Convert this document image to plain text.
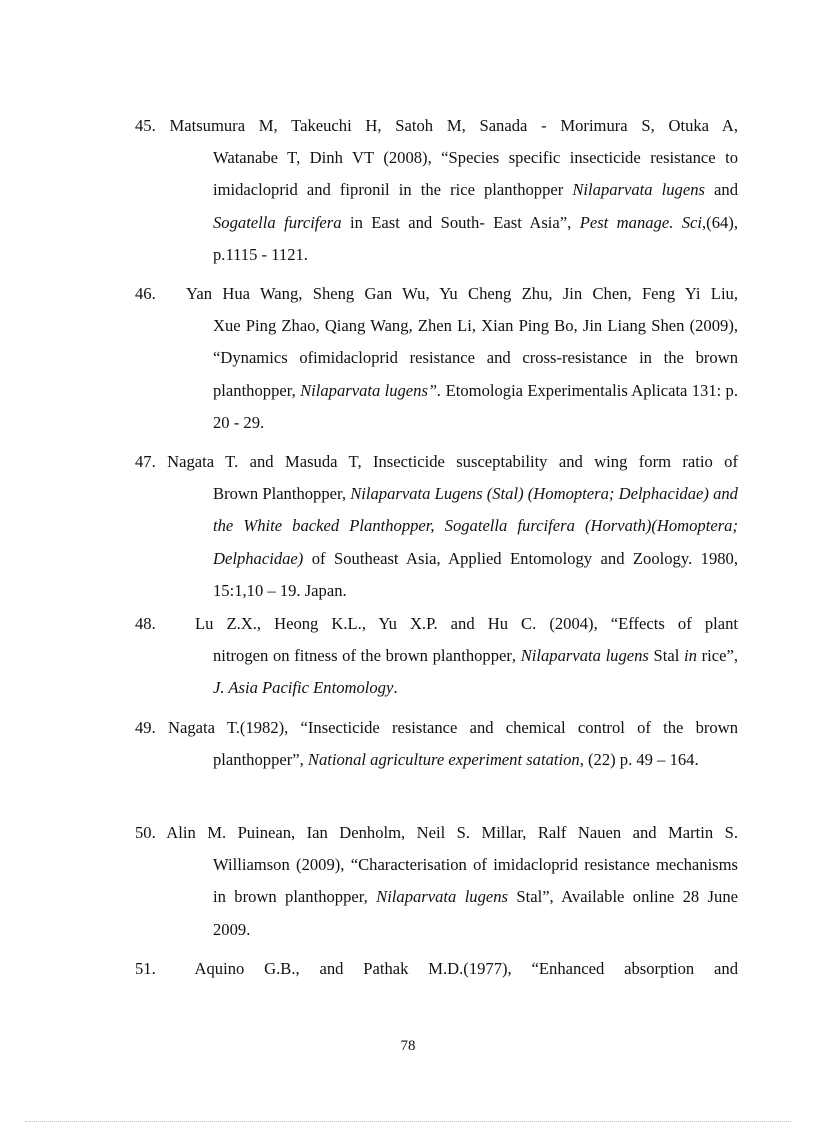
45. Matsumura M, Takeuchi H, Satoh M, Sanada - Morimura S, Otuka A,
Watanabe T, Dinh VT (2008), “Species specific insecticide resistance to imidacloprid and fipronil in the rice planthopper Nilaparvata lugens and Sogatella furcifera in East and South- East Asia”, Pest manage. Sci,(64), p.1115 - 1121.
46. Yan Hua Wang, Sheng Gan Wu, Yu Cheng Zhu, Jin Chen, Feng Yi Liu,
Xue Ping Zhao, Qiang Wang, Zhen Li, Xian Ping Bo, Jin Liang Shen (2009), “Dynamics ofimidacloprid resistance and cross-resistance in the brown planthopper, Nilaparvata lugens”. Etomologia Experimentalis Aplicata 131: p. 20 - 29.
47. Nagata T. and Masuda T, Insecticide susceptability and wing form ratio of
Brown Planthopper, Nilaparvata Lugens (Stal) (Homoptera; Delphacidae) and the White backed Planthopper, Sogatella furcifera (Horvath)(Homoptera; Delphacidae) of Southeast Asia, Applied Entomology and Zoology. 1980, 15:1,10 – 19. Japan.
48. Lu Z.X., Heong K.L., Yu X.P. and Hu C. (2004), “Effects of plant
nitrogen on fitness of the brown planthopper, Nilaparvata lugens Stal in rice”, J. Asia Pacific Entomology.
49. Nagata T.(1982), “Insecticide resistance and chemical control of the brown
planthopper”, National agriculture experiment satation, (22) p. 49 – 164.
50. Alin M. Puinean, Ian Denholm, Neil S. Millar, Ralf Nauen and Martin S.
Williamson (2009), “Characterisation of imidacloprid resistance mechanisms in brown planthopper, Nilaparvata lugens Stal”, Available online 28 June 2009.
51. Aquino G.B., and Pathak M.D.(1977), “Enhanced absorption and
78
